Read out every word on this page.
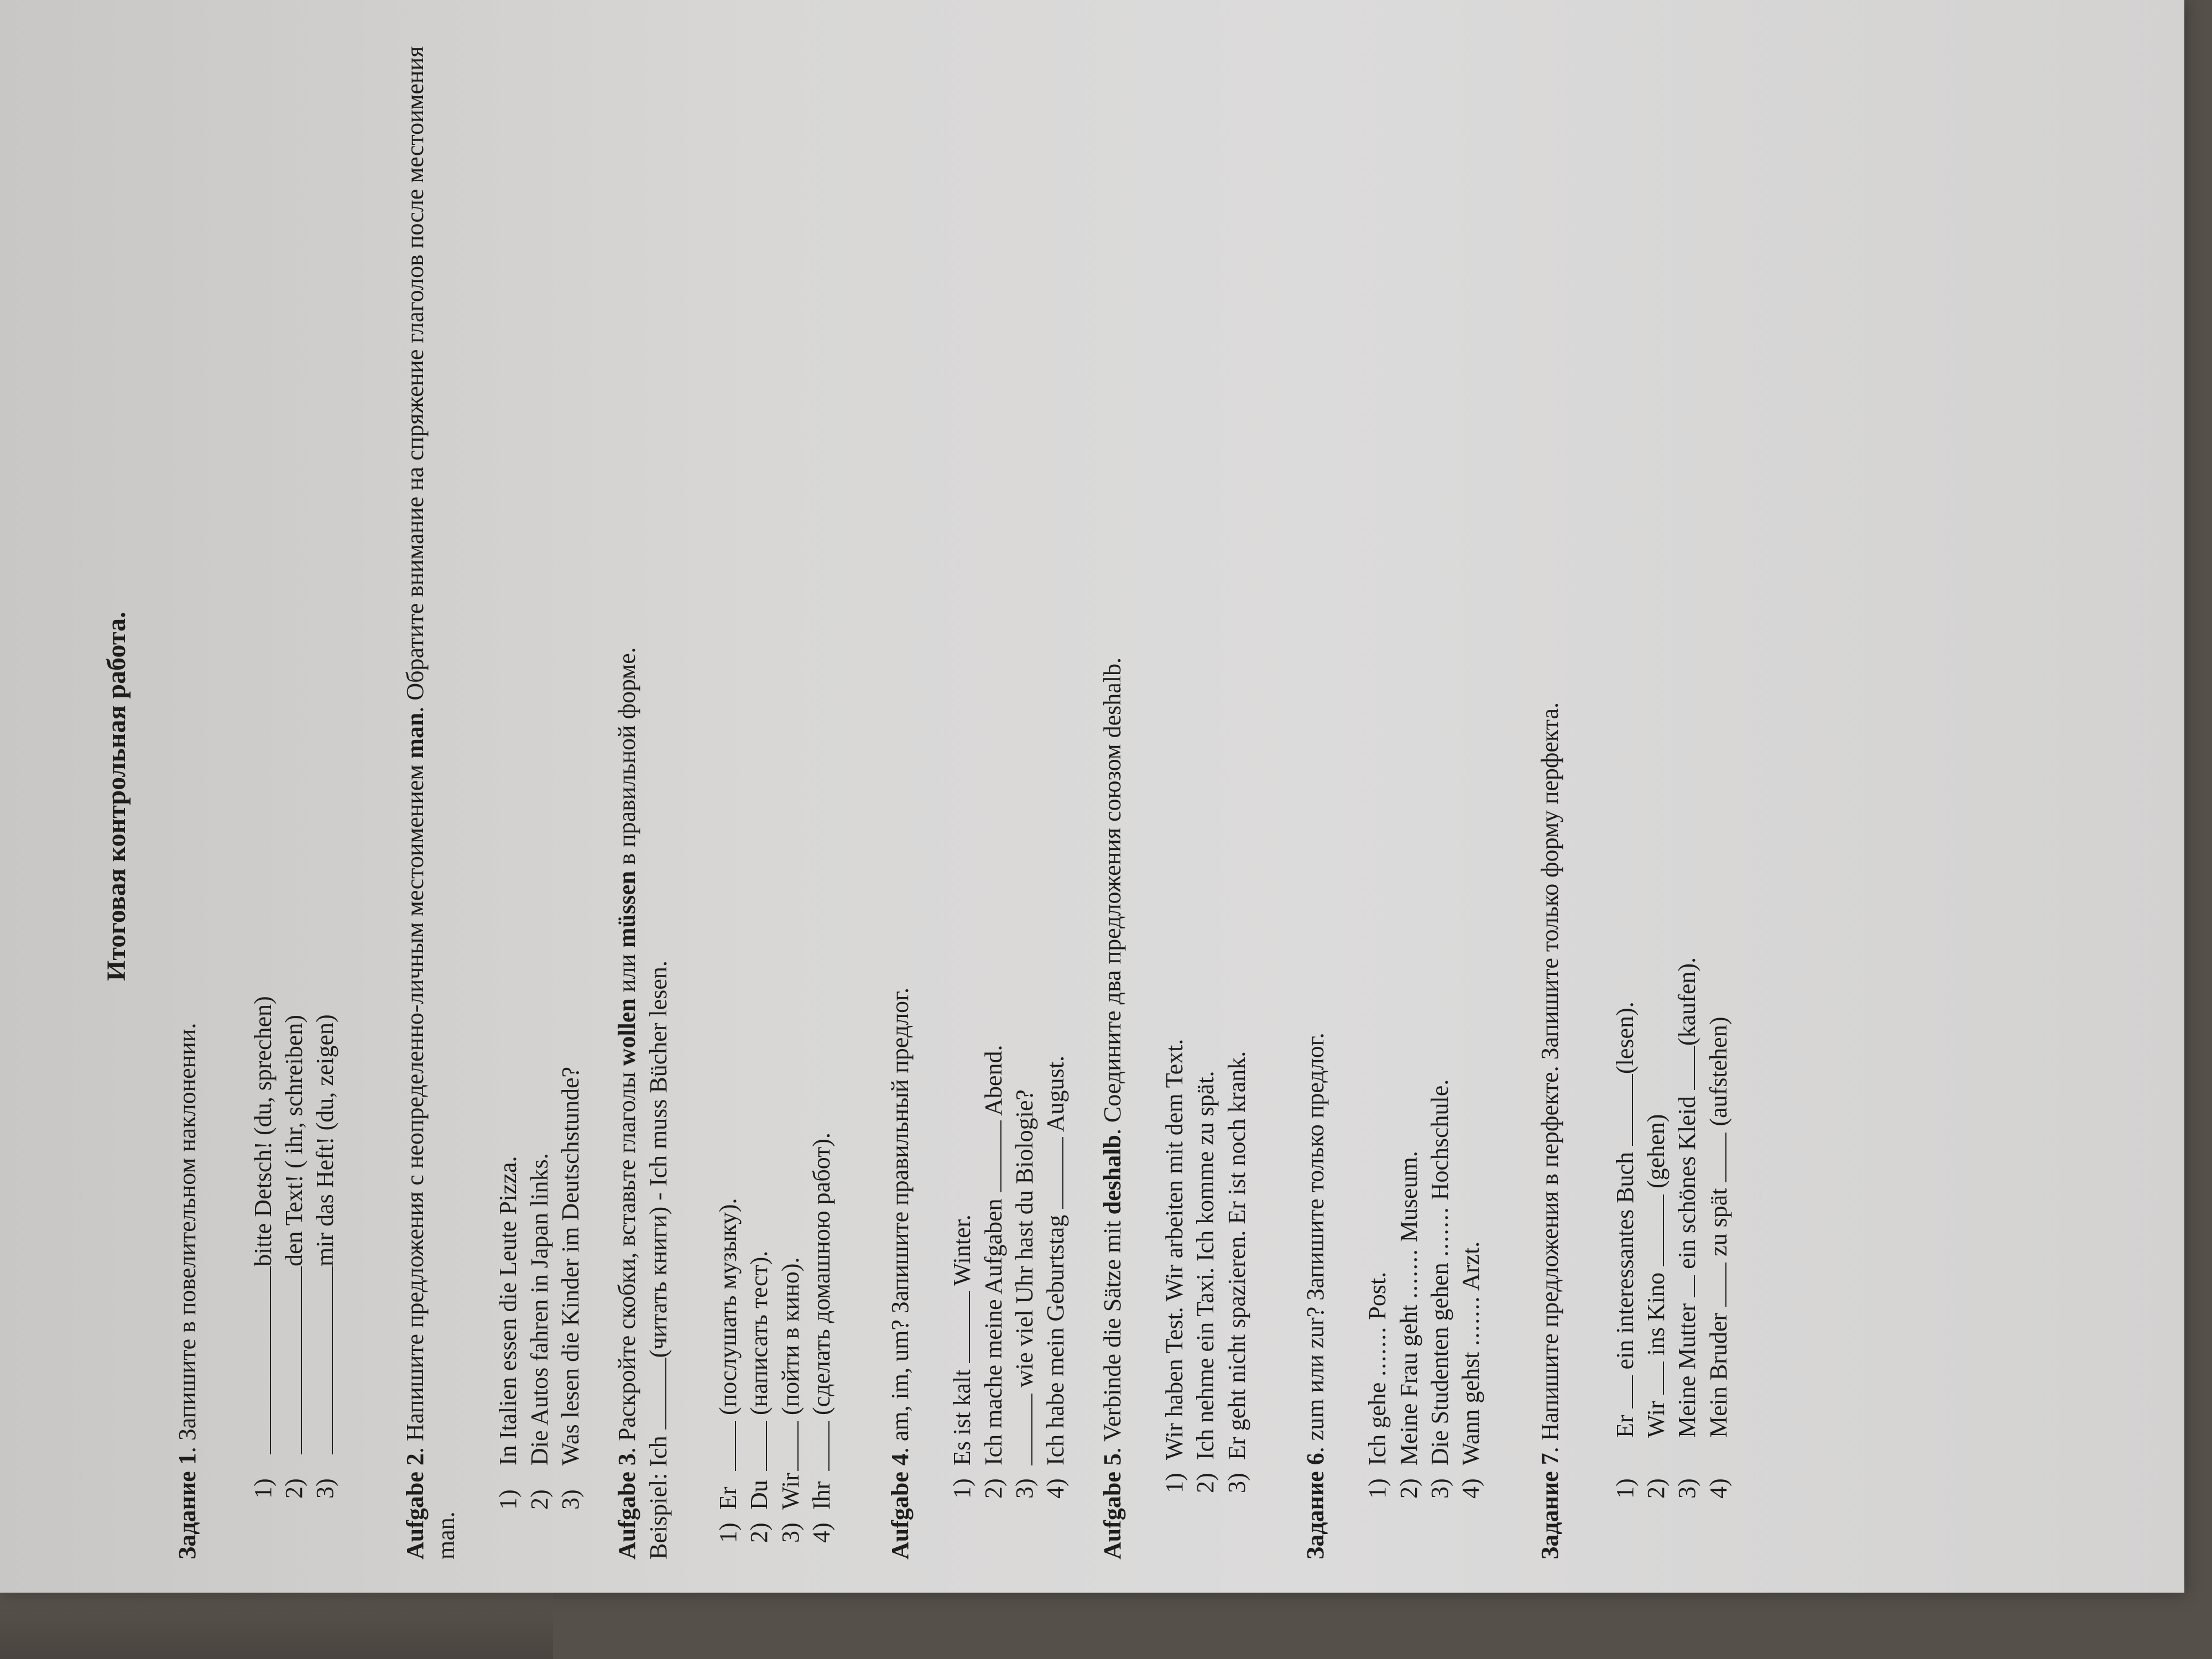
Итоговая контрольная работа.
Задание 1. Запишите в повелительном наклонении.
1)bitte Detsch! (du, sprechen)
2)den Text! ( ihr, schreiben)
3)mir das Heft! (du, zeigen)
Aufgabe 2. Напишите предложения с неопределенно-личным местоимением man. Обратите внимание на спряжение глаголов после местоимения man.
1)In Italien essen die Leute Pizza.
2)Die Autos fahren in Japan links.
3)Was lesen die Kinder im Deutschstunde?
Aufgabe 3. Раскройте скобки, вставьте глаголы wollen или müssen в правильной форме.
Beispiel: Ich (читать книги) - Ich muss Bücher lesen.
1)Er (послушать музыку).
2)Du (написать тест).
3)Wir (пойти в кино).
4)Ihr (сделать домашною работ).
Aufgabe 4. am, im, um? Запишите правильный предлог.
1)Es ist kalt  Winter.
2)Ich mache meine Aufgaben  Abend.
3) wie viel Uhr hast du Biologie?
4)Ich habe mein Geburtstag  August.
Aufgabe 5. Verbinde die Sätze mit deshalb. Соедините два предложения союзом deshalb.
1)Wir haben Test. Wir arbeiten mit dem Text.
2)Ich nehme ein Taxi. Ich komme zu spät.
3)Er geht nicht spazieren. Er ist noch krank.
Задание 6. zum или zur? Запишите только предлог.
1)Ich gehe ....... Post.
2)Meine Frau geht ....... Museum.
3)Die Studenten gehen ....... Hochschule.
4)Wann gehst ....... Arzt.
Задание 7. Напишите предложения в перфекте. Запишите только форму перфекта.
1)Er  ein interessantes Buch (lesen).
2)Wir  ins Kino  (gehen)
3)Meine Mutter  ein schönes Kleid (kaufen).
4)Mein Bruder  zu spät  (aufstehen)
